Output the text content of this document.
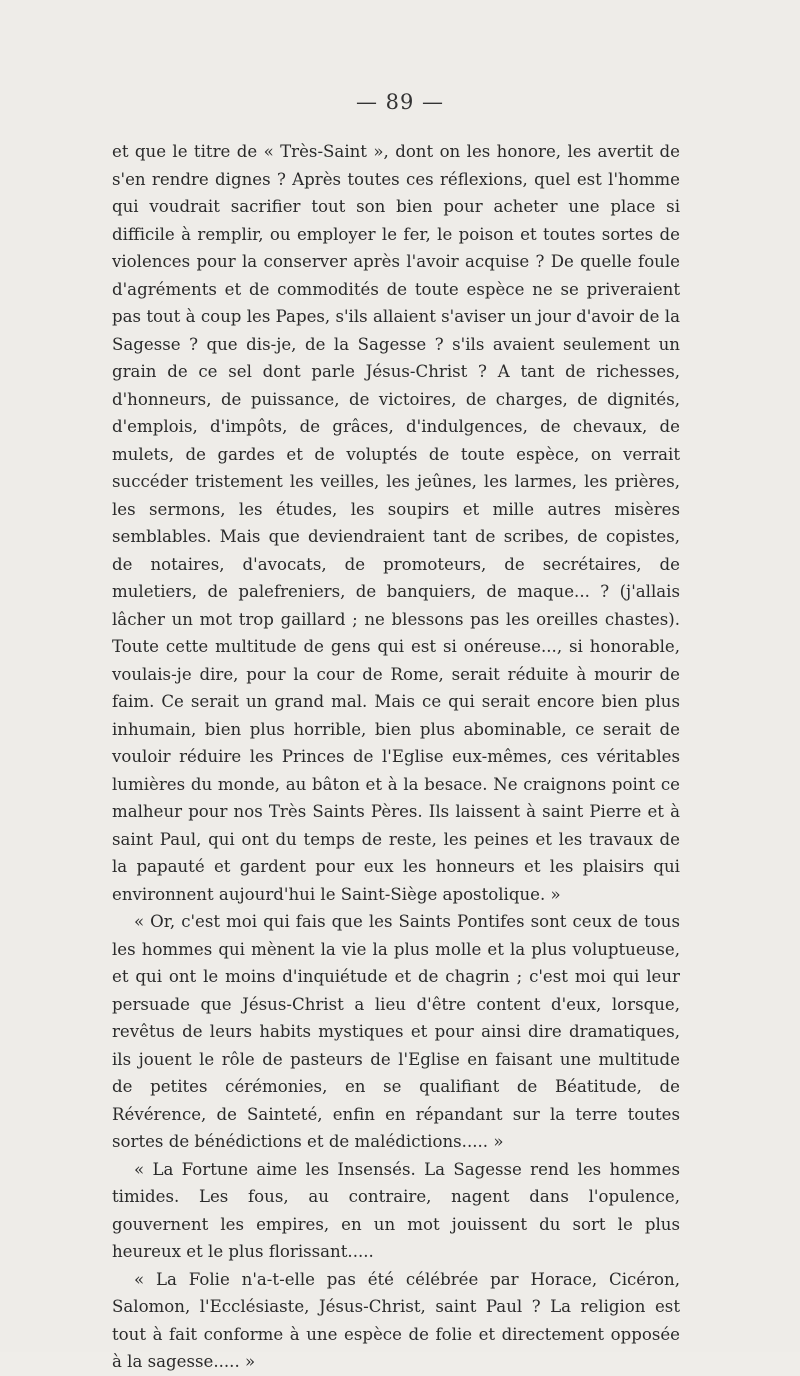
— 89 —

et que le titre de « Très-Saint », dont on les honore, les avertit de s'en rendre dignes ? Après toutes ces réflexions, quel est l'homme qui voudrait sacrifier tout son bien pour acheter une place si difficile à remplir, ou employer le fer, le poison et toutes sortes de violences pour la conserver après l'avoir acquise ? De quelle foule d'agréments et de commodités de toute espèce ne se priveraient pas tout à coup les Papes, s'ils allaient s'aviser un jour d'avoir de la Sagesse ? que dis-je, de la Sagesse ? s'ils avaient seulement un grain de ce sel dont parle Jésus-Christ ? A tant de richesses, d'honneurs, de puissance, de victoires, de charges, de dignités, d'emplois, d'impôts, de grâces, d'indulgences, de chevaux, de mulets, de gardes et de voluptés de toute espèce, on verrait succéder tristement les veilles, les jeûnes, les larmes, les prières, les sermons, les études, les soupirs et mille autres misères semblables. Mais que deviendraient tant de scribes, de copistes, de notaires, d'avocats, de promoteurs, de secrétaires, de muletiers, de palefreniers, de banquiers, de maque... ? (j'allais lâcher un mot trop gaillard ; ne blessons pas les oreilles chastes). Toute cette multitude de gens qui est si onéreuse..., si honorable, voulais-je dire, pour la cour de Rome, serait réduite à mourir de faim. Ce serait un grand mal. Mais ce qui serait encore bien plus inhumain, bien plus horrible, bien plus abominable, ce serait de vouloir réduire les Princes de l'Eglise eux-mêmes, ces véritables lumières du monde, au bâton et à la besace. Ne craignons point ce malheur pour nos Très Saints Pères. Ils laissent à saint Pierre et à saint Paul, qui ont du temps de reste, les peines et les travaux de la papauté et gardent pour eux les honneurs et les plaisirs qui environnent aujourd'hui le Saint-Siège apostolique. »

« Or, c'est moi qui fais que les Saints Pontifes sont ceux de tous les hommes qui mènent la vie la plus molle et la plus voluptueuse, et qui ont le moins d'inquiétude et de chagrin ; c'est moi qui leur persuade que Jésus-Christ a lieu d'être content d'eux, lorsque, revêtus de leurs habits mystiques et pour ainsi dire dramatiques, ils jouent le rôle de pasteurs de l'Eglise en faisant une multitude de petites cérémonies, en se qualifiant de Béatitude, de Révérence, de Sainteté, enfin en répandant sur la terre toutes sortes de bénédictions et de malédictions..... »

« La Fortune aime les Insensés. La Sagesse rend les hommes timides. Les fous, au contraire, nagent dans l'opulence, gouvernent les empires, en un mot jouissent du sort le plus heureux et le plus florissant.....

« La Folie n'a-t-elle pas été célébrée par Horace, Cicéron, Salomon, l'Ecclésiaste, Jésus-Christ, saint Paul ? La religion est tout à fait conforme à une espèce de folie et directement opposée à la sagesse..... »
